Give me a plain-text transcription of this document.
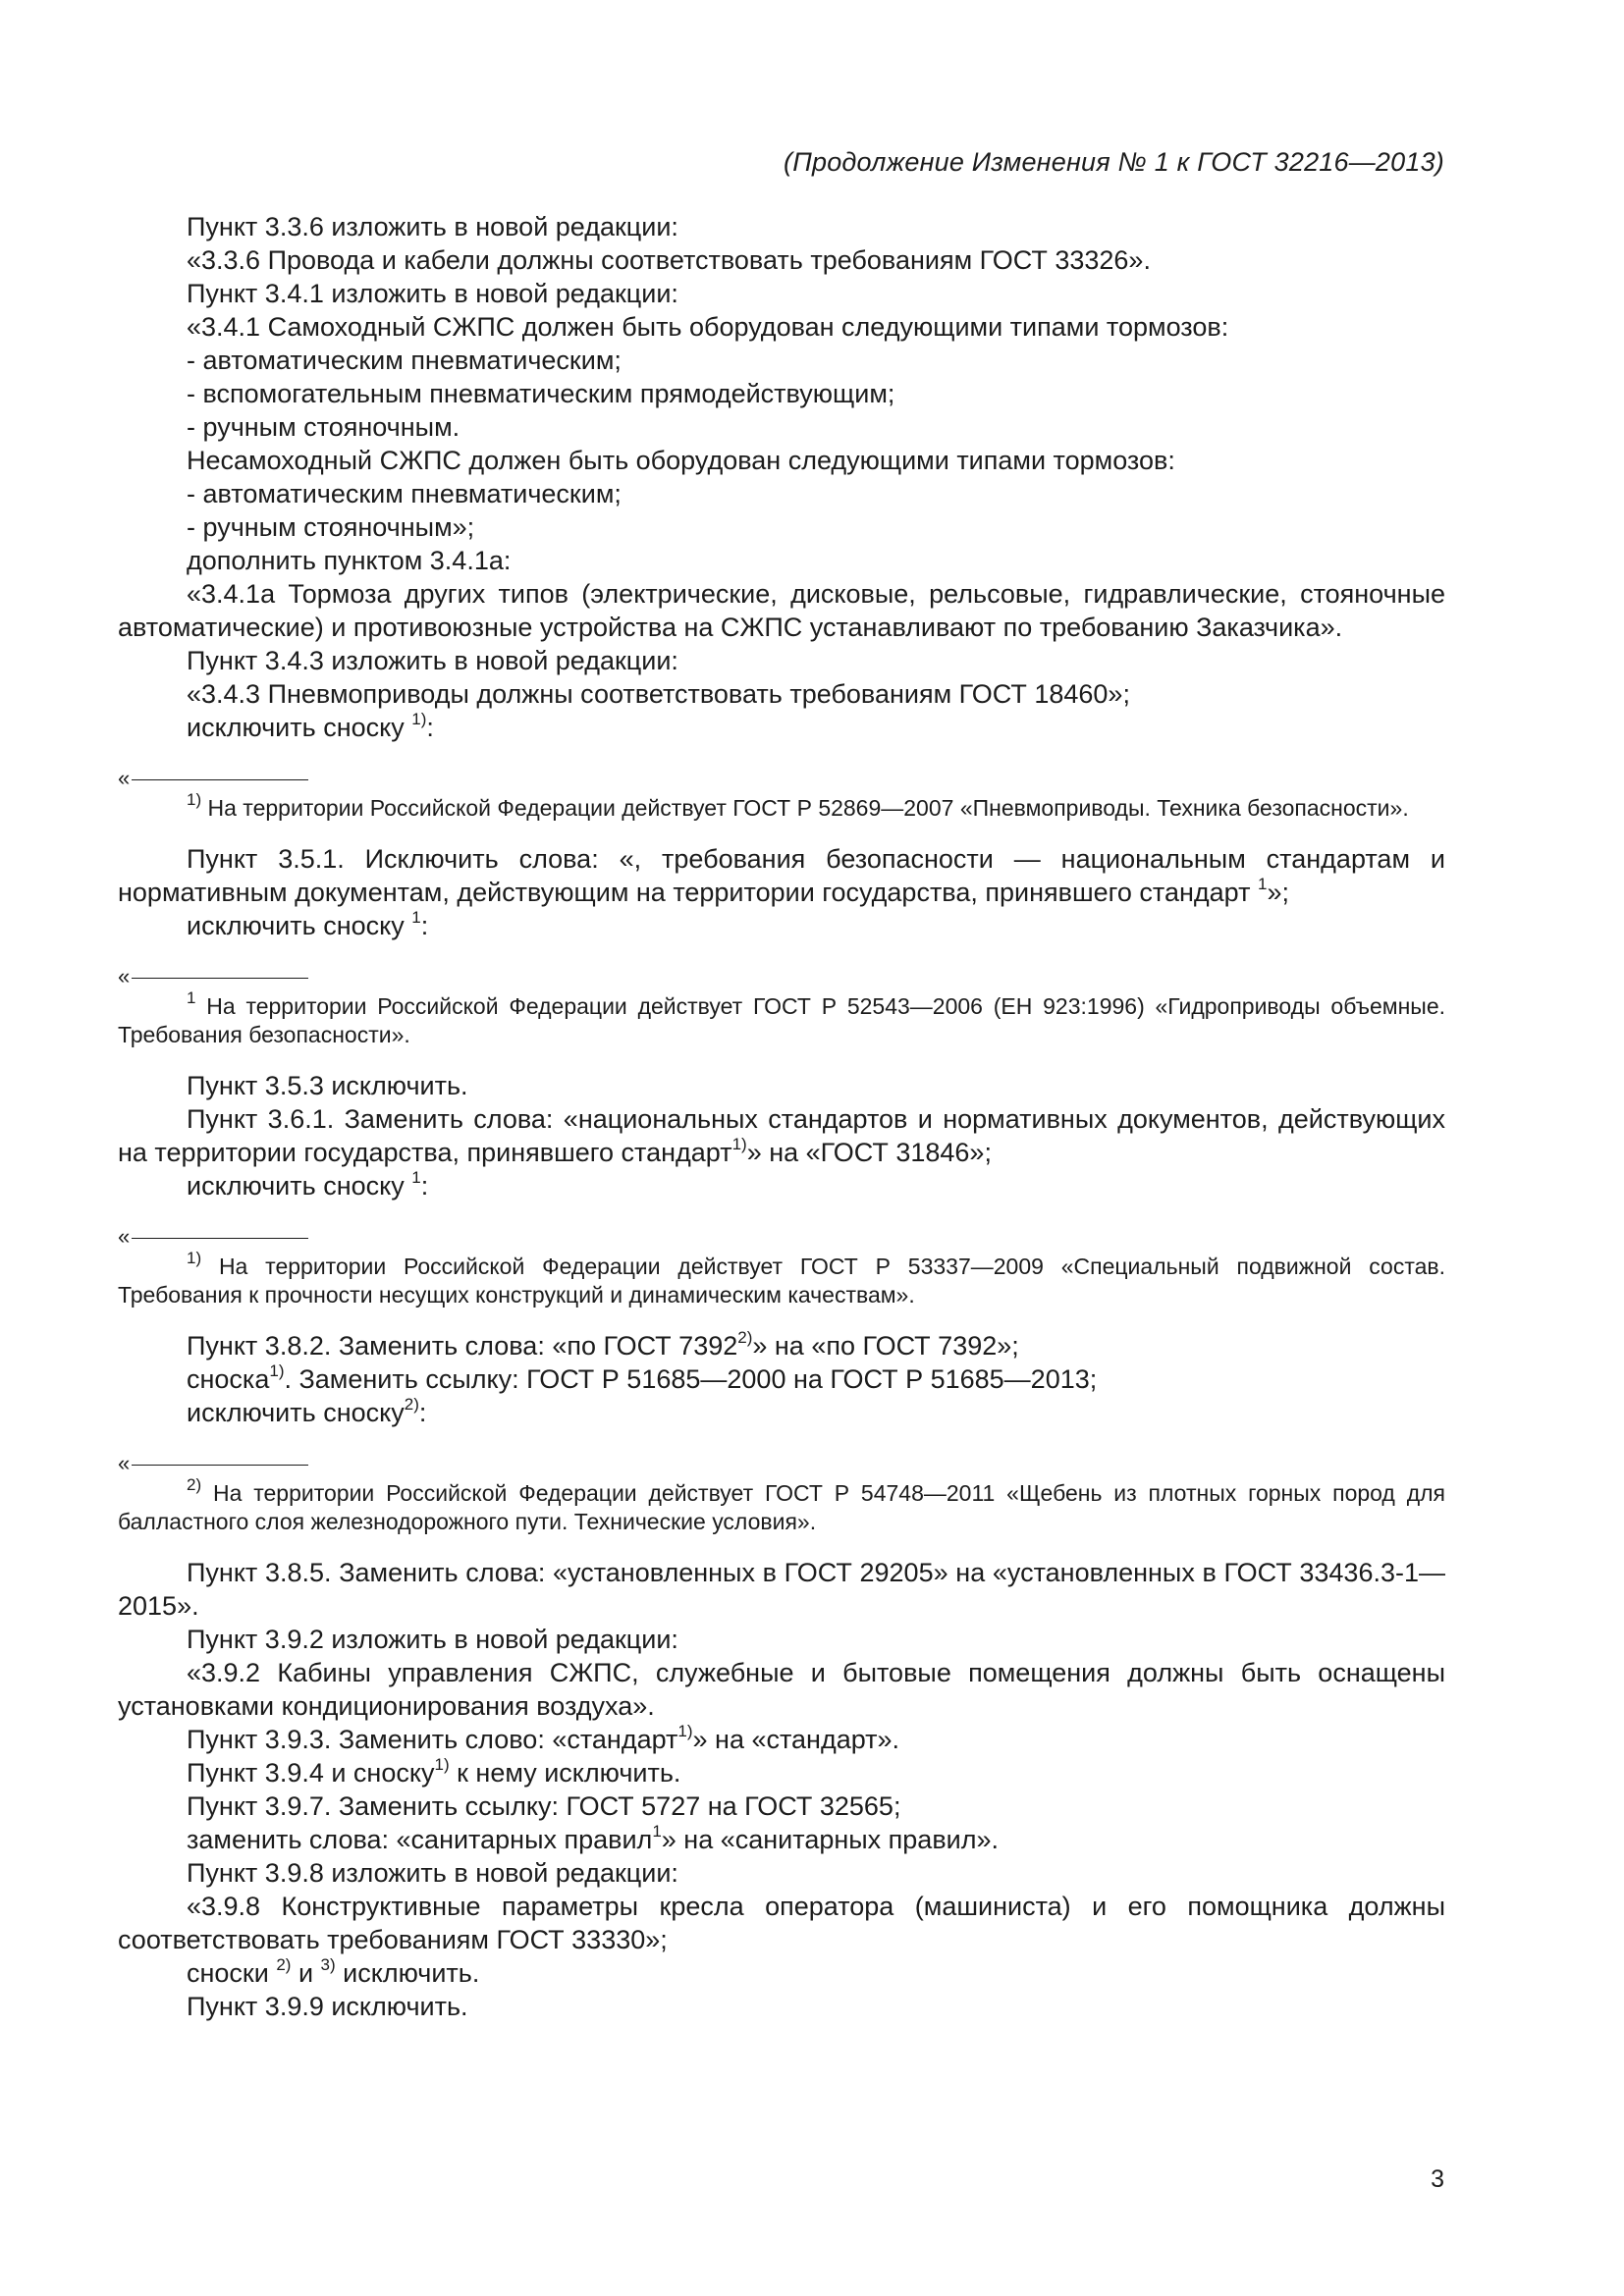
(Продолжение Изменения № 1 к ГОСТ 32216—2013)

Пункт 3.3.6 изложить в новой редакции:

«3.3.6 Провода и кабели должны соответствовать требованиям ГОСТ 33326».

Пункт 3.4.1 изложить в новой редакции:

«3.4.1 Самоходный СЖПС должен быть оборудован следующими типами тормозов:

- автоматическим пневматическим;

- вспомогательным пневматическим прямодействующим;

- ручным стояночным.

Несамоходный СЖПС должен быть оборудован следующими типами тормозов:

- автоматическим пневматическим;

- ручным стояночным»;

дополнить пунктом 3.4.1а:

«3.4.1а Тормоза других типов (электрические, дисковые, рельсовые, гидравлические, стояночные автоматические) и противоюзные устройства на СЖПС устанавливают по требованию Заказчика».

Пункт 3.4.3 изложить в новой редакции:

«3.4.3 Пневмоприводы должны соответствовать требованиям ГОСТ 18460»;

исключить сноску $^{1)}$:

«

$^{1)}$ На территории Российской Федерации действует ГОСТ Р 52869—2007 «Пневмоприводы. Техника безопасности».

Пункт 3.5.1. Исключить слова: «, требования безопасности — национальным стандартам и нормативным документам, действующим на территории государства, принявшего стандарт $^1$»;

исключить сноску $^1$:

«

$^1$ На территории Российской Федерации действует ГОСТ Р 52543—2006 (ЕН 923:1996) «Гидроприводы объемные. Требования безопасности».

Пункт 3.5.3 исключить.

Пункт 3.6.1. Заменить слова: «национальных стандартов и нормативных документов, действующих на территории государства, принявшего стандарт$^{1)}$» на «ГОСТ 31846»;

исключить сноску $^1$:

«

$^{1)}$ На территории Российской Федерации действует ГОСТ Р 53337—2009 «Специальный подвижной состав. Требования к прочности несущих конструкций и динамическим качествам».

Пункт 3.8.2. Заменить слова: «по ГОСТ 7392$^{2)}$» на «по ГОСТ 7392»;

сноска$^{1)}$. Заменить ссылку: ГОСТ Р 51685—2000 на ГОСТ Р 51685—2013;

исключить сноску$^{2)}$:

«

$^{2)}$ На территории Российской Федерации действует ГОСТ Р 54748—2011 «Щебень из плотных горных пород для балластного слоя железнодорожного пути. Технические условия».

Пункт 3.8.5. Заменить слова: «установленных в ГОСТ 29205» на «установленных в ГОСТ 33436.3-1—2015».

Пункт 3.9.2 изложить в новой редакции:

«3.9.2 Кабины управления СЖПС, служебные и бытовые помещения должны быть оснащены установками кондиционирования воздуха».

Пункт 3.9.3. Заменить слово: «стандарт$^{1)}$» на «стандарт».

Пункт 3.9.4 и сноску$^{1)}$ к нему исключить.

Пункт 3.9.7. Заменить ссылку: ГОСТ 5727 на ГОСТ 32565;

заменить слова: «санитарных правил$^1$» на «санитарных правил».

Пункт 3.9.8 изложить в новой редакции:

«3.9.8 Конструктивные параметры кресла оператора (машиниста) и его помощника должны соответствовать требованиям ГОСТ 33330»;

сноски $^{2)}$ и $^{3)}$ исключить.

Пункт 3.9.9 исключить.

3
